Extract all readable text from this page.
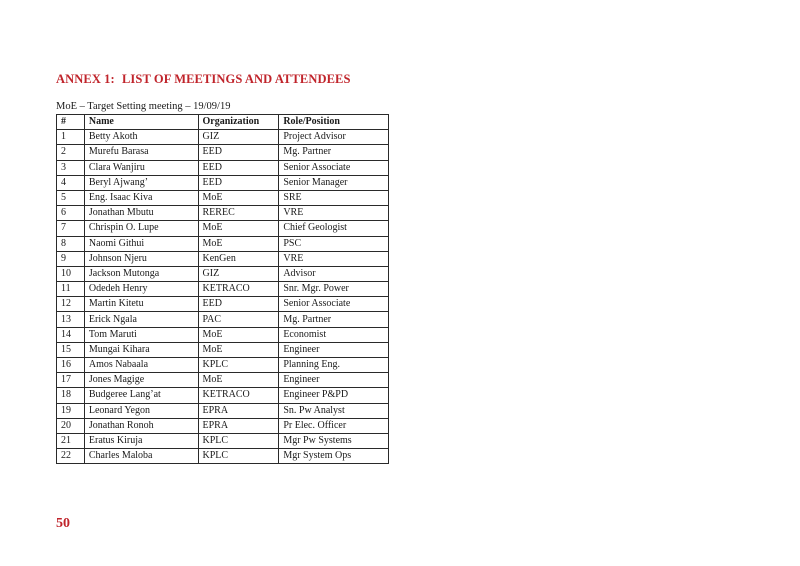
ANNEX 1: LIST OF MEETINGS AND ATTENDEES
MoE – Target Setting meeting – 19/09/19
#	Name	Organization	Role/Position
1	Betty Akoth	GIZ	Project Advisor
2	Murefu Barasa	EED	Mg. Partner
3	Clara Wanjiru	EED	Senior Associate
4	Beryl Ajwang’	EED	Senior Manager
5	Eng. Isaac Kiva	MoE	SRE
6	Jonathan Mbutu	REREC	VRE
7	Chrispin O. Lupe	MoE	Chief Geologist
8	Naomi Githui	MoE	PSC
9	Johnson Njeru	KenGen	VRE
10	Jackson Mutonga	GIZ	Advisor
11	Odedeh Henry	KETRACO	Snr. Mgr. Power
12	Martin Kitetu	EED	Senior Associate
13	Erick Ngala	PAC	Mg. Partner
14	Tom Maruti	MoE	Economist
15	Mungai Kihara	MoE	Engineer
16	Amos Nabaala	KPLC	Planning Eng.
17	Jones Magige	MoE	Engineer
18	Budgeree Lang’at	KETRACO	Engineer P&PD
19	Leonard Yegon	EPRA	Sn. Pw Analyst
20	Jonathan Ronoh	EPRA	Pr Elec. Officer
21	Eratus Kiruja	KPLC	Mgr Pw Systems
22	Charles Maloba	KPLC	Mgr System Ops
50
